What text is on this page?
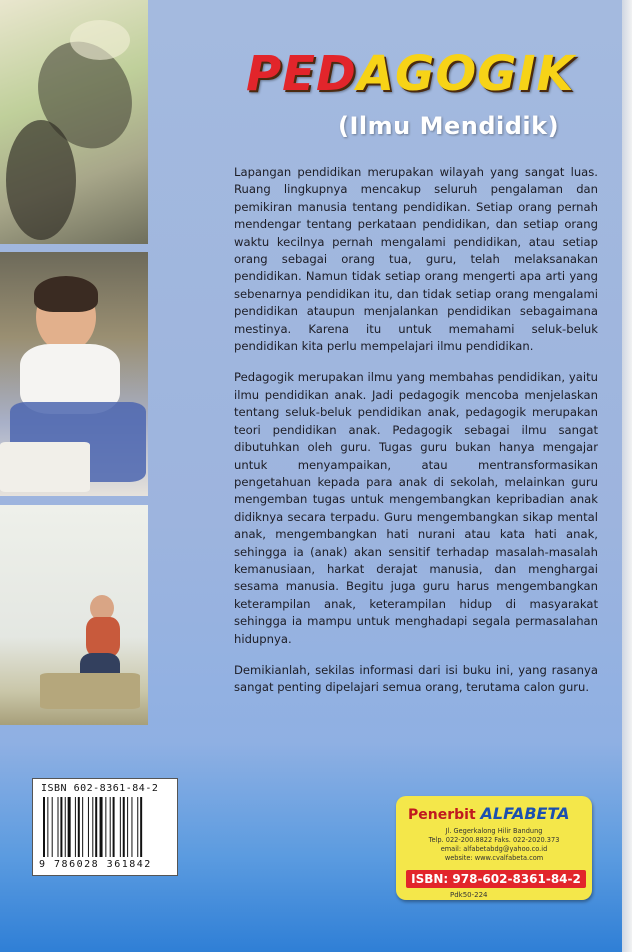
PEDAGOGIK
(Ilmu Mendidik)

Lapangan pendidikan merupakan wilayah yang sangat luas. Ruang lingkupnya mencakup seluruh pengalaman dan pemikiran manusia tentang pendidikan. Setiap orang pernah mendengar tentang perkataan pendidikan, dan setiap orang waktu kecilnya pernah mengalami pendidikan, atau setiap orang sebagai orang tua, guru, telah melaksanakan pendidikan. Namun tidak setiap orang mengerti apa arti yang sebenarnya pendidikan itu, dan tidak setiap orang mengalami pendidikan ataupun menjalankan pendidikan sebagaimana mestinya. Karena itu untuk memahami seluk-beluk pendidikan kita perlu mempelajari ilmu pendidikan.

Pedagogik merupakan ilmu yang membahas pendidikan, yaitu ilmu pendidikan anak. Jadi pedagogik mencoba menjelaskan tentang seluk-beluk pendidikan anak, pedagogik merupakan teori pendidikan anak. Pedagogik sebagai ilmu sangat dibutuhkan oleh guru. Tugas guru bukan hanya mengajar untuk menyampaikan, atau mentransformasikan pengetahuan kepada para anak di sekolah, melainkan guru mengemban tugas untuk mengembangkan kepribadian anak didiknya secara terpadu. Guru mengembangkan sikap mental anak, mengembangkan hati nurani atau kata hati anak, sehingga ia (anak) akan sensitif terhadap masalah-masalah kemanusiaan, harkat derajat manusia, dan menghargai sesama manusia. Begitu juga guru harus mengembangkan keterampilan anak, keterampilan hidup di masyarakat sehingga ia mampu untuk menghadapi segala permasalahan hidupnya.

Demikianlah, sekilas informasi dari isi buku ini, yang rasanya sangat penting dipelajari semua orang, terutama calon guru.

ISBN 602-8361-84-2
9 786028 361842
Penerbit ALFABETA
Jl. Gegerkalong Hilir Bandung
Telp. 022-200.8822 Faks. 022-2020.373
email: alfabetabdg@yahoo.co.id
website: www.cvalfabeta.com
ISBN: 978-602-8361-84-2
Pdk50-224
